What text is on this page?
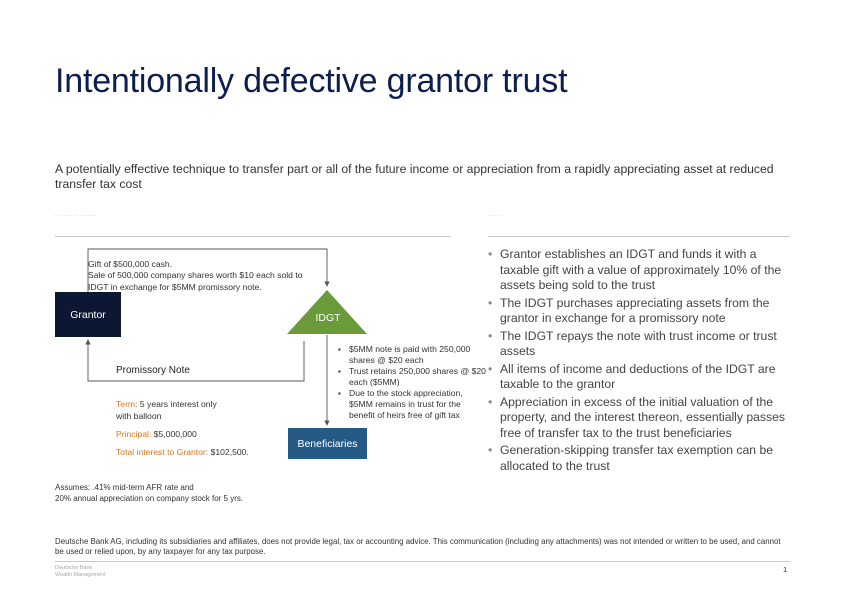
Intentionally defective grantor trust
A potentially effective technique to transfer part or all of the future income or appreciation from a rapidly appreciating asset at reduced transfer tax cost
· · · · · · · · · · · · · ·	· · · · ·
Grantor	IDGT
Beneficiaries
Gift of $500,000 cash.
Sale of 500,000 company shares worth $10 each sold to
IDGT in exchange for $5MM promissory note.
Promissory Note
Term: 5 years interest only
with balloon
Principal: $5,000,000
Total interest to Grantor: $102,500.
▪ $5MM note is paid with 250,000 shares @ $20 each
▪ Trust retains 250,000 shares @ $20 each ($5MM)
▪ Due to the stock appreciation, $5MM remains in trust for the benefit of heirs free of gift tax
Assumes: .41% mid-term AFR rate and
20% annual appreciation on company stock for 5 yrs.
• Grantor establishes an IDGT and funds it with a taxable gift with a value of approximately 10% of the assets being sold to the trust
• The IDGT purchases appreciating assets from the grantor in exchange for a promissory note
• The IDGT repays the note with trust income or trust assets
• All items of income and deductions of the IDGT are taxable to the grantor
• Appreciation in excess of the initial valuation of the property, and the interest thereon, essentially passes free of transfer tax to the trust beneficiaries
• Generation-skipping transfer tax exemption can be allocated to the trust
Deutsche Bank AG, including its subsidiaries and affiliates, does not provide legal, tax or accounting advice. This communication (including any attachments) was not intended or written to be used, and cannot be used or relied upon, by any taxpayer for any tax purpose.
Deutsche Bank
Wealth Management
1
